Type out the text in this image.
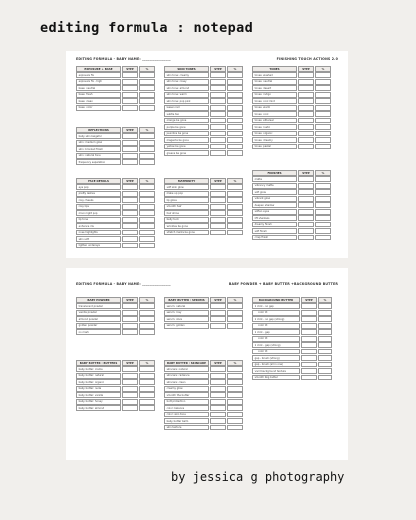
editing formula : notepad
EDITING FORMULA - BABY NAME: ________________	FINISHING TOUCH ACTIONS 2.0
EXPOSURE + BASE	STEP	%
exposure fix
exposure fix - high
base: neutral
base: fresh
base: clean
base: color
SKIN TONES	STEP	%
skin tone: creamy
skin tone: rosey
skin tone: almond
skin tone: warm
skin tone: pop pink
lessen red
subtle tan
orange be gone
purple be gone
jaundice be gone
magenta be gone
yellow be gone
greens be gone
TONES	STEP	%
tones: washed
tones: neutral
tones: desert
tones: indigo
tones: cool mint
tones: warm
tones: cool
tones: ethereal
tones: rustic
tones: organic
tones: dreamy
tones: pastel
REFLECTIONS	STEP	%
baby skin beigeful
skin: medium glow
skin: bronzed finish
skin: natural tone
frequency separation
FACE DETAILS	STEP	%
eye pop
pretty lashes
rosy cheeks
rosy lips
moon light pop
lip tone
enhance iris
nose highlights
skin soft
lighten undereye
MATERNITY	STEP	%
soft skin glow
make up pop
lip gloss
smooth hair
hair shine
belly tuck
wrinkles be gone
stretch marks be gone
FINISHES	STEP	%
matte
vibrancy matte
soft glow
vibrant glow
deepen shadow
soften eyes
lift shadows
dreamy finish
soft finish
crisp finish
EDITING FORMULA - BABY NAME: ________________	BABY POWDER + BABY BUTTER +BACKGROUND BUTTER
BABY POWDER	STEP	%
translucent powder
vanilla powder
almond powder
golden powder
no mark
BABY BUTTER : SERUMS	STEP	%
serum: natural
serum: rosy
serum: olive
serum: golden
BACKGROUND BUTTER	STEP	%
1 click - no gap
color #:
1 click - no gap (strong)
color #:
1 click - gap
color #:
1 click - gap (strong)
color #:
gap - brush (strong)
gap - brush (all in one)
vivid background texture
smooth bkg butter
BABY BUTTER : BUTTERS	STEP	%
baby butter: creme
baby butter: natural
baby butter: organic
baby butter: nude
baby butter: vanilla
baby butter: honey
baby butter: almond
BABY BUTTER : SKINCARE	STEP	%
skincare: natural
skincare: radiance
skincare: clean
creamy glow
smooth the butter
butt protection
color: balance
color: skin tone
baby butter balm
skin texture
by jessica g photography
